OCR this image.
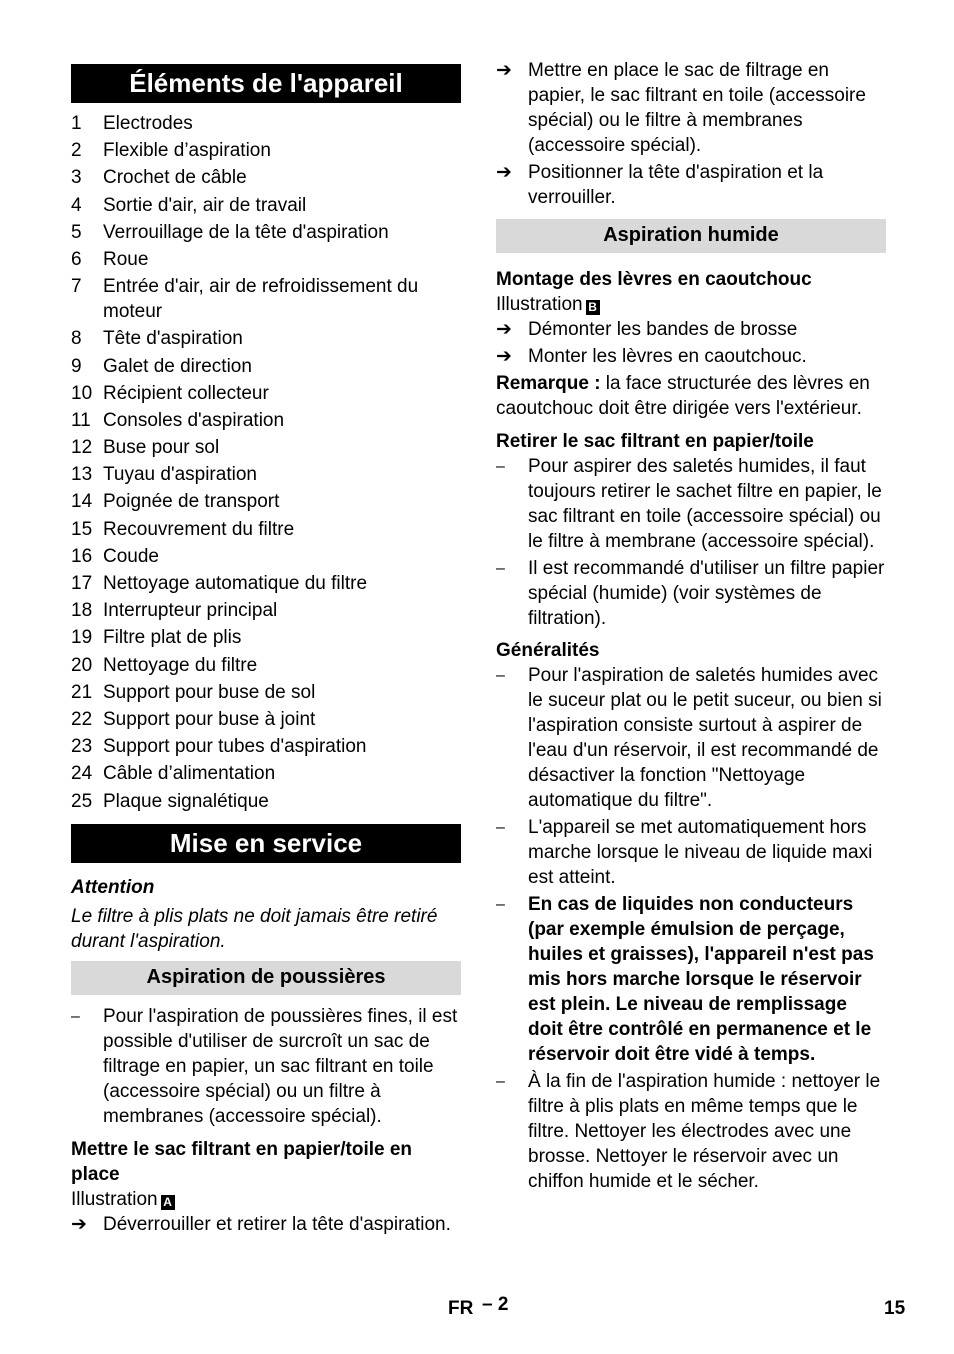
Éléments de l'appareil
1	Electrodes
2	Flexible d’aspiration
3	Crochet de câble
4	Sortie d'air, air de travail
5	Verrouillage de la tête d'aspiration
6	Roue
7	Entrée d'air, air de refroidissement du moteur
8	Tête d'aspiration
9	Galet de direction
10 Récipient collecteur
11 Consoles d'aspiration
12 Buse pour sol
13 Tuyau d'aspiration
14 Poignée de transport
15 Recouvrement du filtre
16 Coude
17 Nettoyage automatique du filtre
18 Interrupteur principal
19 Filtre plat de plis
20 Nettoyage du filtre
21 Support pour buse de sol
22 Support pour buse à joint
23 Support pour tubes d'aspiration
24 Câble d’alimentation
25 Plaque signalétique
Mise en service
Attention
Le filtre à plis plats ne doit jamais être retiré durant l'aspiration.
Aspiration de poussières
–	Pour l'aspiration de poussières fines, il est possible d'utiliser de surcroît un sac de filtrage en papier, un sac filtrant en toile (accessoire spécial) ou un filtre à membranes (accessoire spécial).
Mettre le sac filtrant en papier/toile en place
Illustration A
➔ Déverrouiller et retirer la tête d'aspiration.
➔ Mettre en place le sac de filtrage en papier, le sac filtrant en toile (accessoire spécial) ou le filtre à membranes (accessoire spécial).
➔ Positionner la tête d'aspiration et la verrouiller.
Aspiration humide
Montage des lèvres en caoutchouc
Illustration B
➔ Démonter les bandes de brosse
➔ Monter les lèvres en caoutchouc.
Remarque : la face structurée des lèvres en caoutchouc doit être dirigée vers l'extérieur.
Retirer le sac filtrant en papier/toile
–	Pour aspirer des saletés humides, il faut toujours retirer le sachet filtre en papier, le sac filtrant en toile (accessoire spécial) ou le filtre à membrane (accessoire spécial).
–	Il est recommandé d'utiliser un filtre papier spécial (humide) (voir systèmes de filtration).
Généralités
–	Pour l'aspiration de saletés humides avec le suceur plat ou le petit suceur, ou bien si l'aspiration consiste surtout à aspirer de l'eau d'un réservoir, il est recommandé de désactiver la fonction "Nettoyage automatique du filtre".
–	L'appareil se met automatiquement hors marche lorsque le niveau de liquide maxi est atteint.
–	En cas de liquides non conducteurs (par exemple émulsion de perçage, huiles et graisses), l'appareil n'est pas mis hors marche lorsque le réservoir est plein. Le niveau de remplissage doit être contrôlé en permanence et le réservoir doit être vidé à temps.
–	À la fin de l'aspiration humide : nettoyer le filtre à plis plats en même temps que le filtre. Nettoyer les électrodes avec une brosse. Nettoyer le réservoir avec un chiffon humide et le sécher.
FR – 2	15
